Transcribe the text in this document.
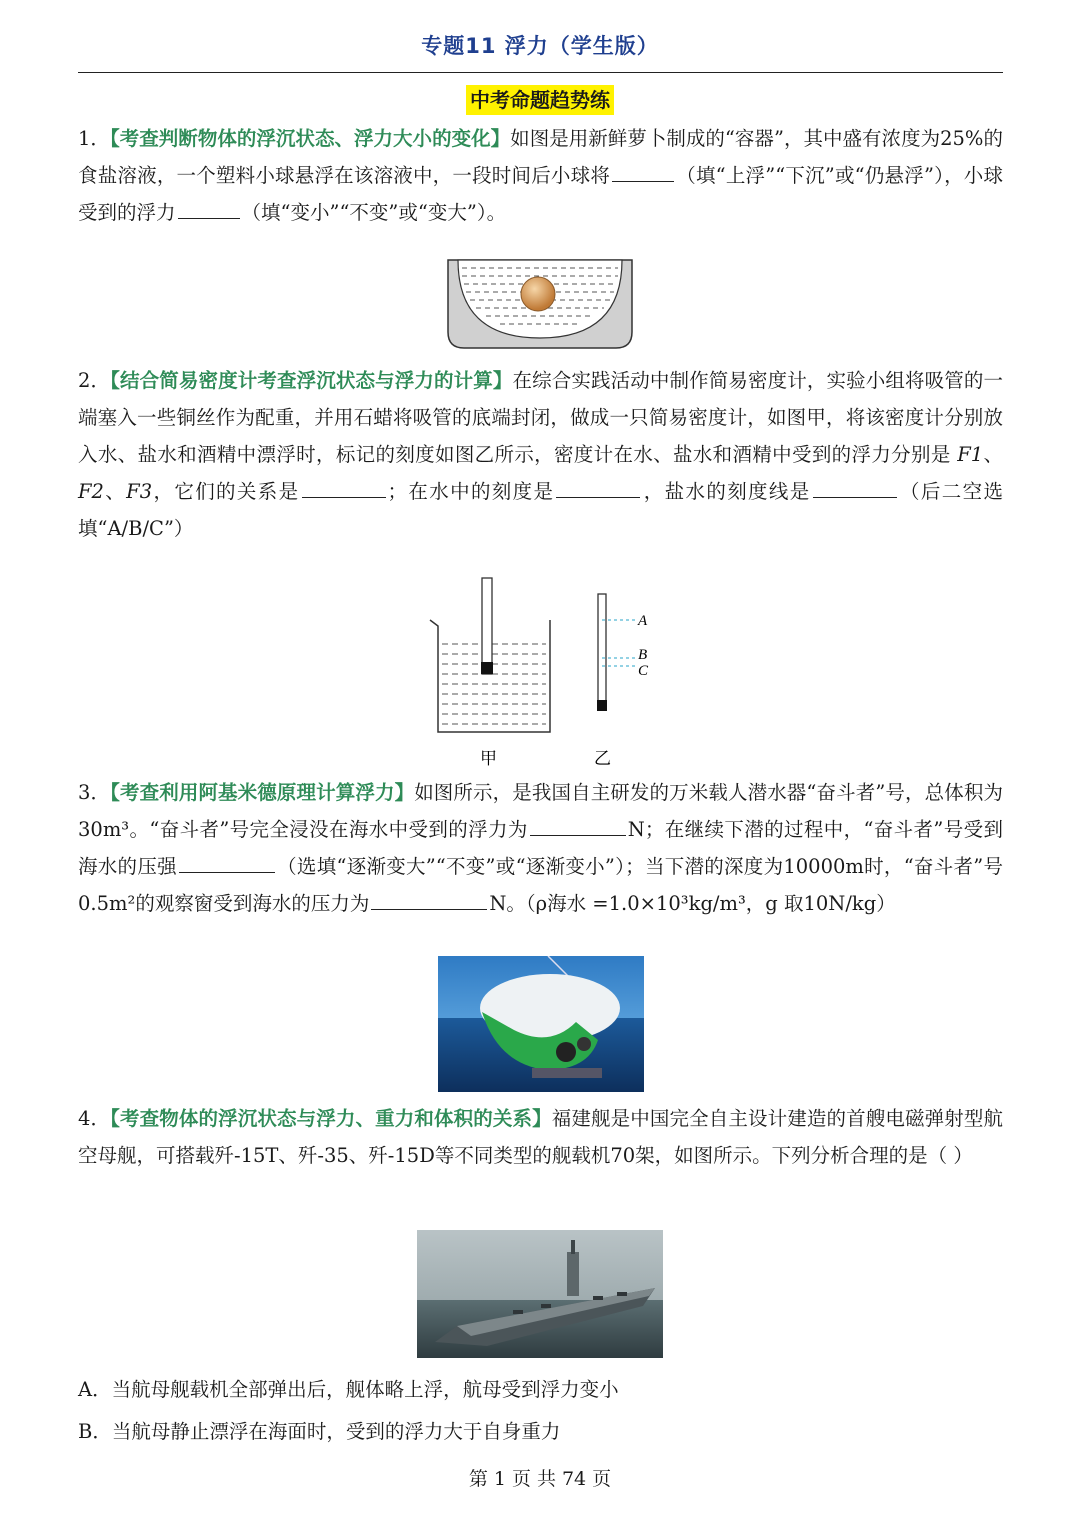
专题11 浮力（学生版）
中考命题趋势练
1．【考查判断物体的浮沉状态、浮力大小的变化】如图是用新鲜萝卜制成的“容器”，其中盛有浓度为25%的食盐溶液，一个塑料小球悬浮在该溶液中，一段时间后小球将	（填“上浮”“下沉”或“仍悬浮”），小球受到的浮力	（填“变小”“不变”或“变大”）。
2．【结合简易密度计考查浮沉状态与浮力的计算】在综合实践活动中制作简易密度计，实验小组将吸管的一端塞入一些铜丝作为配重，并用石蜡将吸管的底端封闭，做成一只简易密度计，如图甲，将该密度计分别放入水、盐水和酒精中漂浮时，标记的刻度如图乙所示，密度计在水、盐水和酒精中受到的浮力分别是 F1、F2、F3，它们的关系是	；在水中的刻度是	，盐水的刻度线是	（后二空选填“A/B/C”）
A
B
C
甲	乙
3．【考查利用阿基米德原理计算浮力】如图所示，是我国自主研发的万米载人潜水器“奋斗者”号，总体积为30m³。“奋斗者”号完全浸没在海水中受到的浮力为	N；在继续下潜的过程中，“奋斗者”号受到海水的压强	（选填“逐渐变大”“不变”或“逐渐变小”）；当下潜的深度为10000m时，“奋斗者”号0.5m²的观察窗受到海水的压力为	N。（ρ海水 =1.0×10³kg/m³，g 取10N/kg）
4．【考查物体的浮沉状态与浮力、重力和体积的关系】福建舰是中国完全自主设计建造的首艘电磁弹射型航空母舰，可搭载歼-15T、歼-35、歼-15D等不同类型的舰载机70架，如图所示。下列分析合理的是（ ）
A．当航母舰载机全部弹出后，舰体略上浮，航母受到浮力变小
B．当航母静止漂浮在海面时，受到的浮力大于自身重力
第 1 页 共 74 页
